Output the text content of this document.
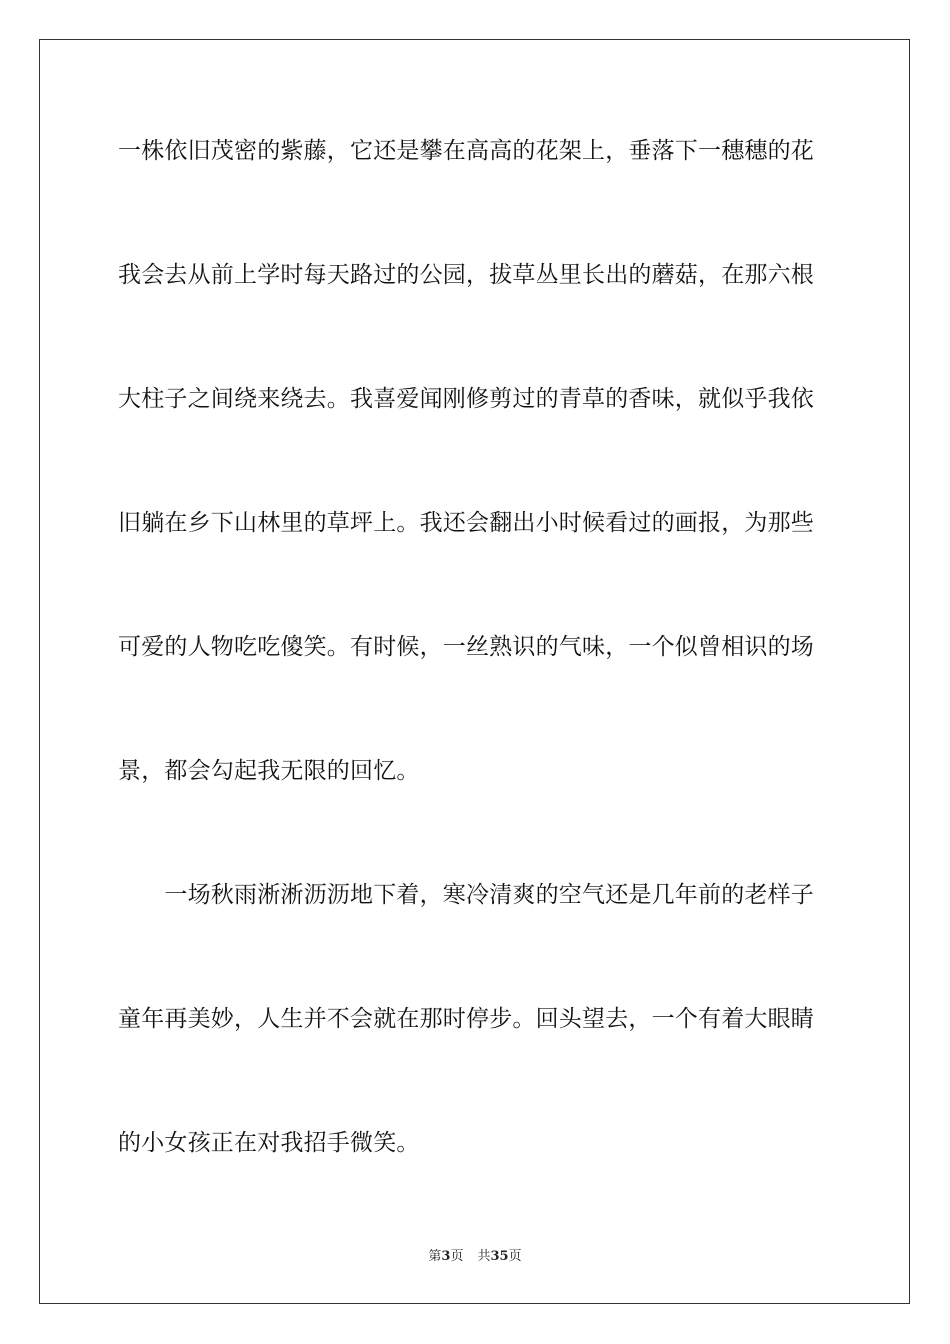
一株依旧茂密的紫藤，它还是攀在高高的花架上，垂落下一穗穗的花
我会去从前上学时每天路过的公园，拔草丛里长出的蘑菇，在那六根
大柱子之间绕来绕去。我喜爱闻刚修剪过的青草的香味，就似乎我依
旧躺在乡下山林里的草坪上。我还会翻出小时候看过的画报，为那些
可爱的人物吃吃傻笑。有时候，一丝熟识的气味，一个似曾相识的场
景，都会勾起我无限的回忆。
　　一场秋雨淅淅沥沥地下着，寒冷清爽的空气还是几年前的老样子
童年再美妙，人生并不会就在那时停步。回头望去，一个有着大眼睛
的小女孩正在对我招手微笑。
第3页 共35页
